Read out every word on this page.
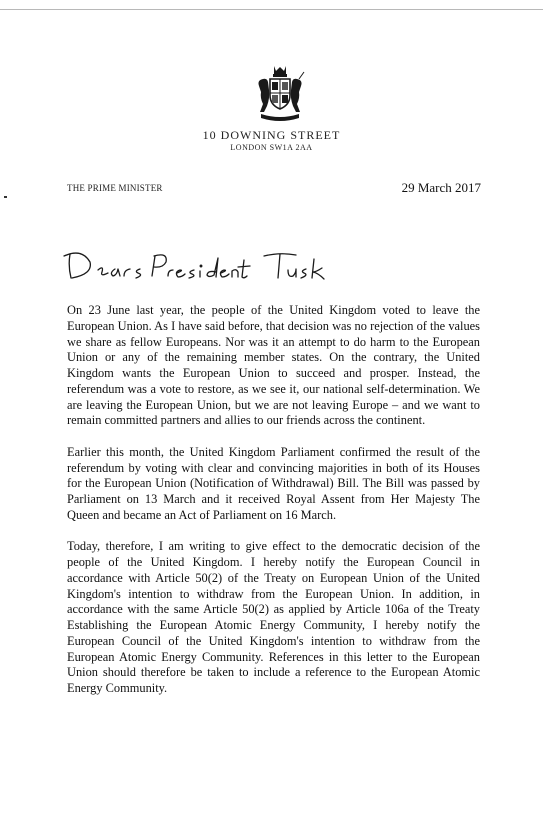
10 DOWNING STREET
LONDON SW1A 2AA
THE PRIME MINISTER	29 March 2017

On 23 June last year, the people of the United Kingdom voted to leave the European Union. As I have said before, that decision was no rejection of the values we share as fellow Europeans. Nor was it an attempt to do harm to the European Union or any of the remaining member states. On the contrary, the United Kingdom wants the European Union to succeed and prosper. Instead, the referendum was a vote to restore, as we see it, our national self-determination. We are leaving the European Union, but we are not leaving Europe – and we want to remain committed partners and allies to our friends across the continent.

Earlier this month, the United Kingdom Parliament confirmed the result of the referendum by voting with clear and convincing majorities in both of its Houses for the European Union (Notification of Withdrawal) Bill. The Bill was passed by Parliament on 13 March and it received Royal Assent from Her Majesty The Queen and became an Act of Parliament on 16 March.

Today, therefore, I am writing to give effect to the democratic decision of the people of the United Kingdom. I hereby notify the European Council in accordance with Article 50(2) of the Treaty on European Union of the United Kingdom's intention to withdraw from the European Union. In addition, in accordance with the same Article 50(2) as applied by Article 106a of the Treaty Establishing the European Atomic Energy Community, I hereby notify the European Council of the United Kingdom's intention to withdraw from the European Atomic Energy Community. References in this letter to the European Union should therefore be taken to include a reference to the European Atomic Energy Community.
